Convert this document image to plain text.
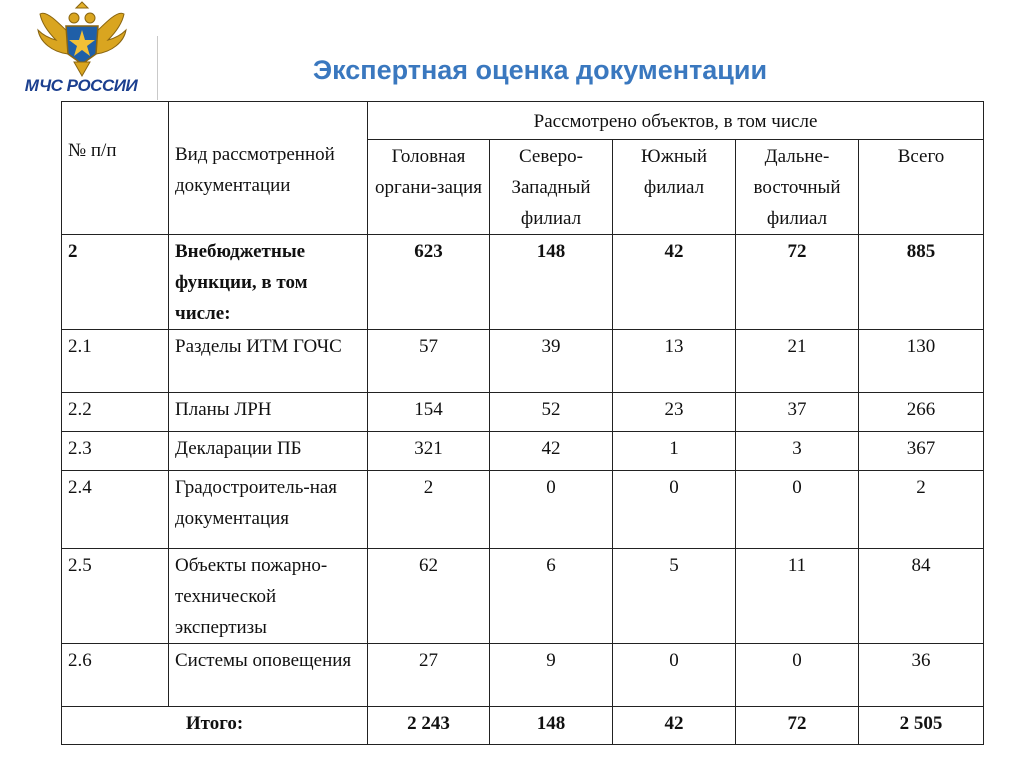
МЧС РОССИИ
Экспертная оценка документации
№ п/п	Вид рассмотренной документации	Рассмотрено объектов, в том числе				
		Головная органи-зация	Северо-Западный филиал	Южный филиал	Дальне-восточный филиал	Всего
2	Внебюджетные функции, в том числе:	623	148	42	72	885
2.1	Разделы ИТМ ГОЧС	57	39	13	21	130
2.2	Планы ЛРН	154	52	23	37	266
2.3	Декларации ПБ	321	42	1	3	367
2.4	Градостроитель-ная документация	2	0	0	0	2
2.5	Объекты пожарно-технической экспертизы	62	6	5	11	84
2.6	Системы оповещения	27	9	0	0	36
Итого:		2 243	148	42	72	2 505
